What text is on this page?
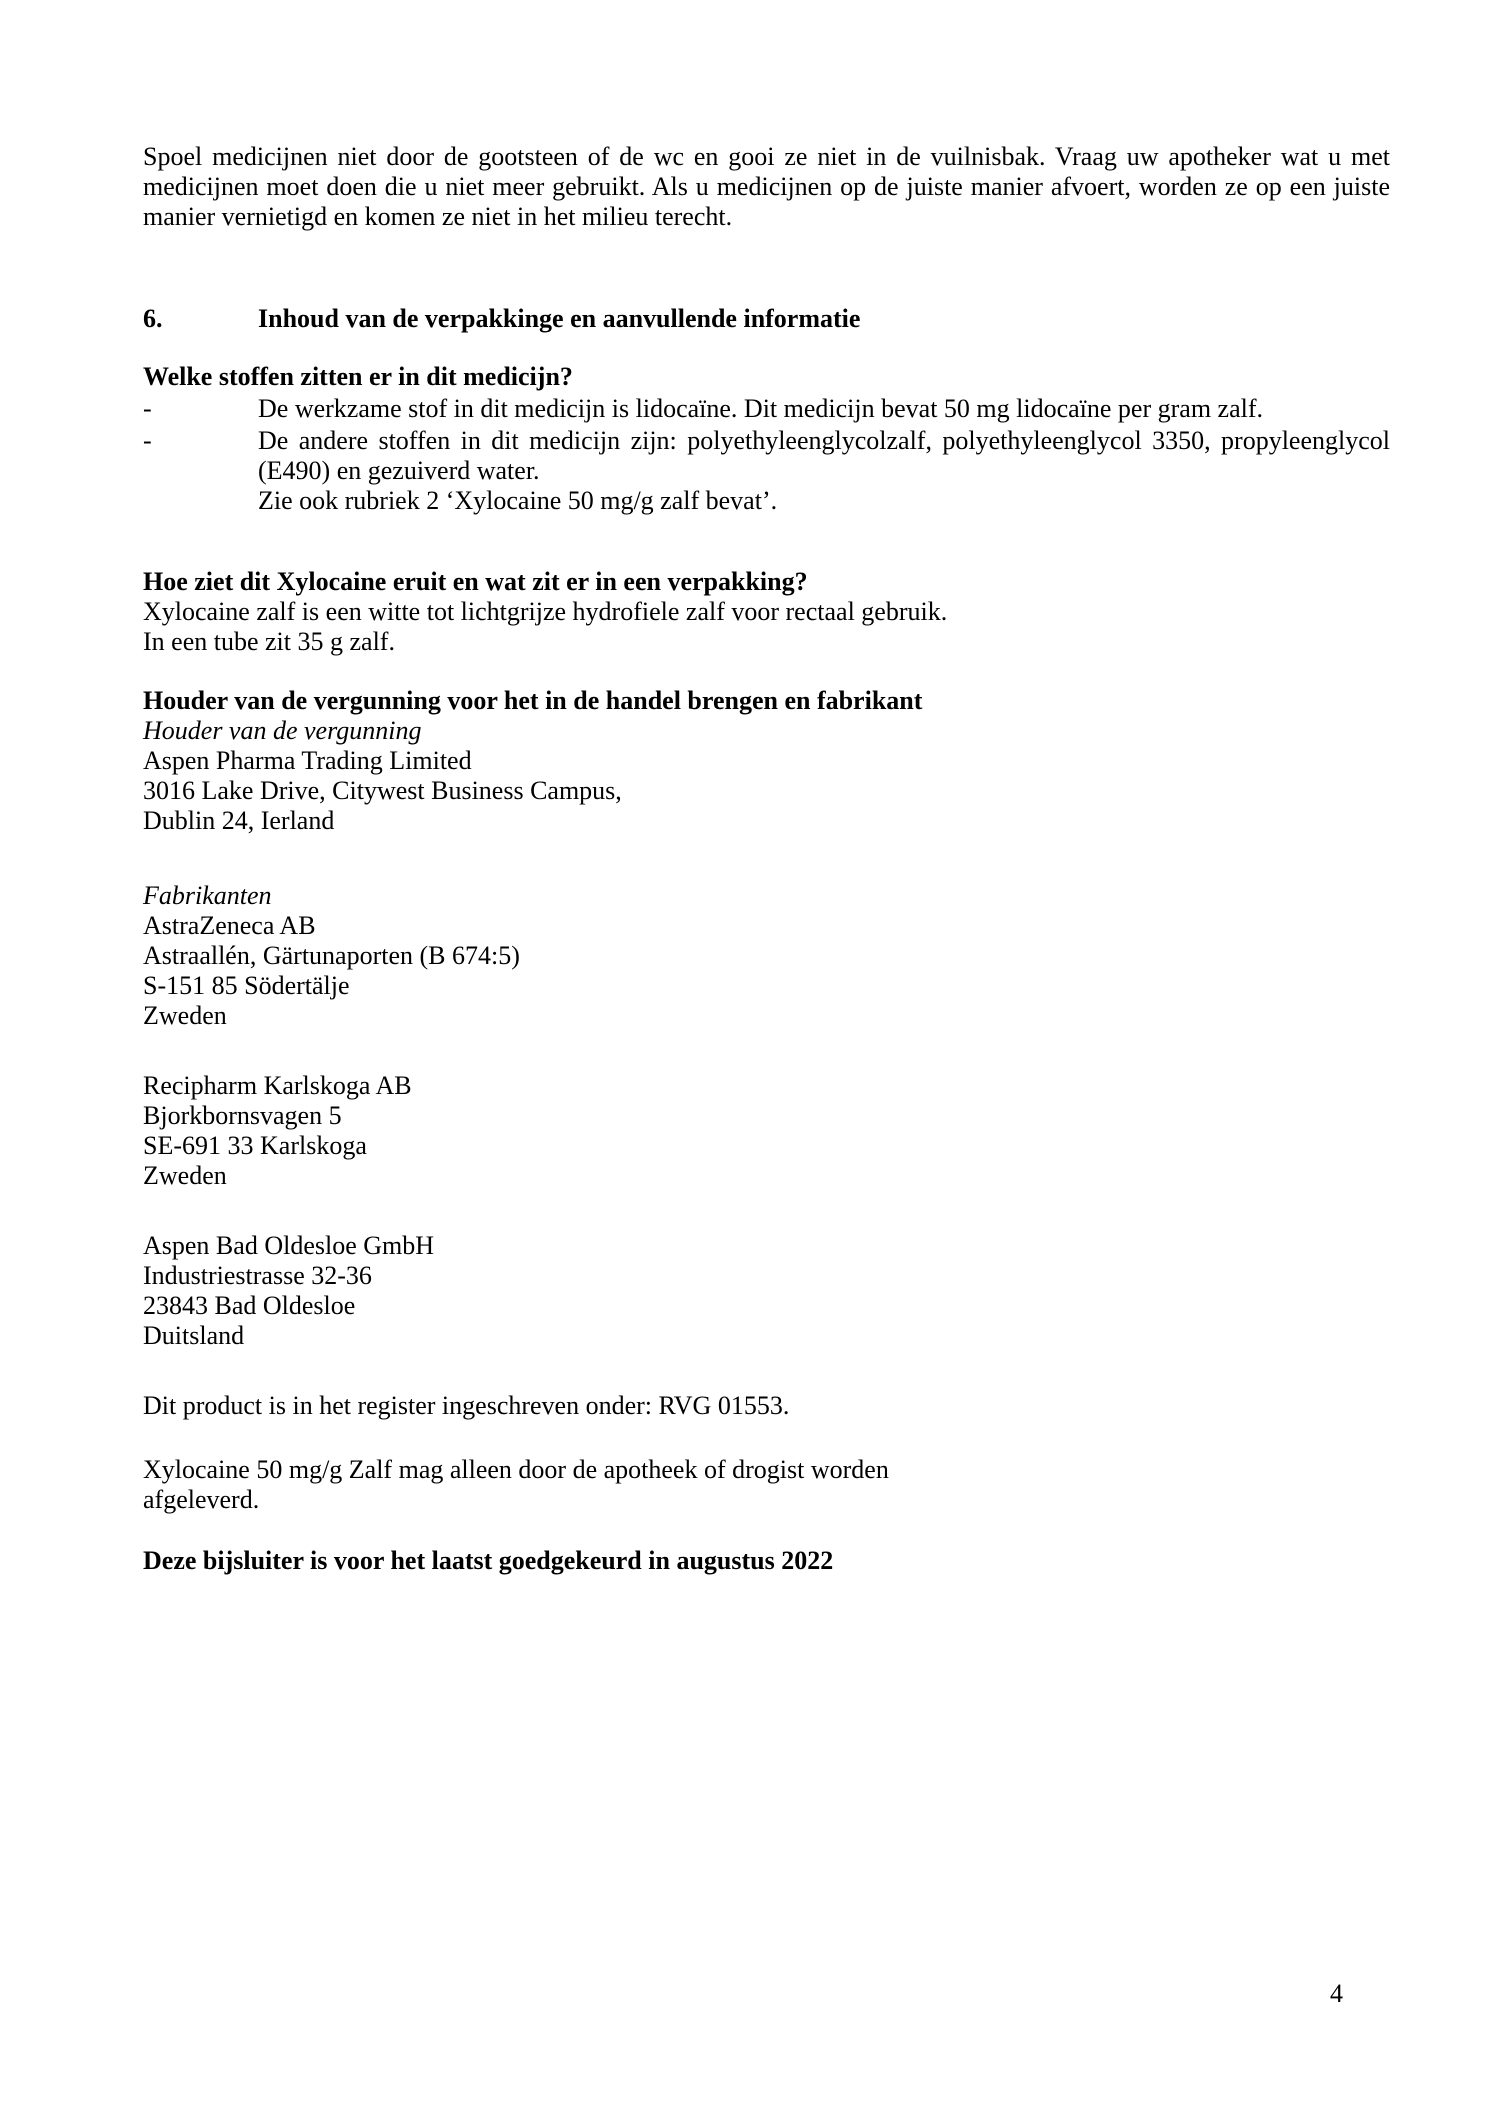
Spoel medicijnen niet door de gootsteen of de wc en gooi ze niet in de vuilnisbak. Vraag uw apotheker wat u met medicijnen moet doen die u niet meer gebruikt. Als u medicijnen op de juiste manier afvoert, worden ze op een juiste manier vernietigd en komen ze niet in het milieu terecht.

6.	Inhoud van de verpakkinge en aanvullende informatie
Welke stoffen zitten er in dit medicijn?
-	De werkzame stof in dit medicijn is lidocaïne. Dit medicijn bevat 50 mg lidocaïne per gram zalf.
-	De andere stoffen in dit medicijn zijn: polyethyleenglycolzalf, polyethyleenglycol 3350, propyleenglycol (E490) en gezuiverd water.
Zie ook rubriek 2 ‘Xylocaine 50 mg/g zalf bevat’.
Hoe ziet dit Xylocaine eruit en wat zit er in een verpakking?
Xylocaine zalf is een witte tot lichtgrijze hydrofiele zalf voor rectaal gebruik.
In een tube zit 35 g zalf.
Houder van de vergunning voor het in de handel brengen en fabrikant
Houder van de vergunning
Aspen Pharma Trading Limited
3016 Lake Drive, Citywest Business Campus,
Dublin 24, Ierland
Fabrikanten
AstraZeneca AB
Astraallén, Gärtunaporten (B 674:5)
S-151 85 Södertälje
Zweden
Recipharm Karlskoga AB
Bjorkbornsvagen 5
SE-691 33 Karlskoga
Zweden
Aspen Bad Oldesloe GmbH
Industriestrasse 32-36
23843 Bad Oldesloe
Duitsland
Dit product is in het register ingeschreven onder: RVG 01553.
Xylocaine 50 mg/g Zalf mag alleen door de apotheek of drogist worden
afgeleverd.
Deze bijsluiter is voor het laatst goedgekeurd in augustus 2022
4
